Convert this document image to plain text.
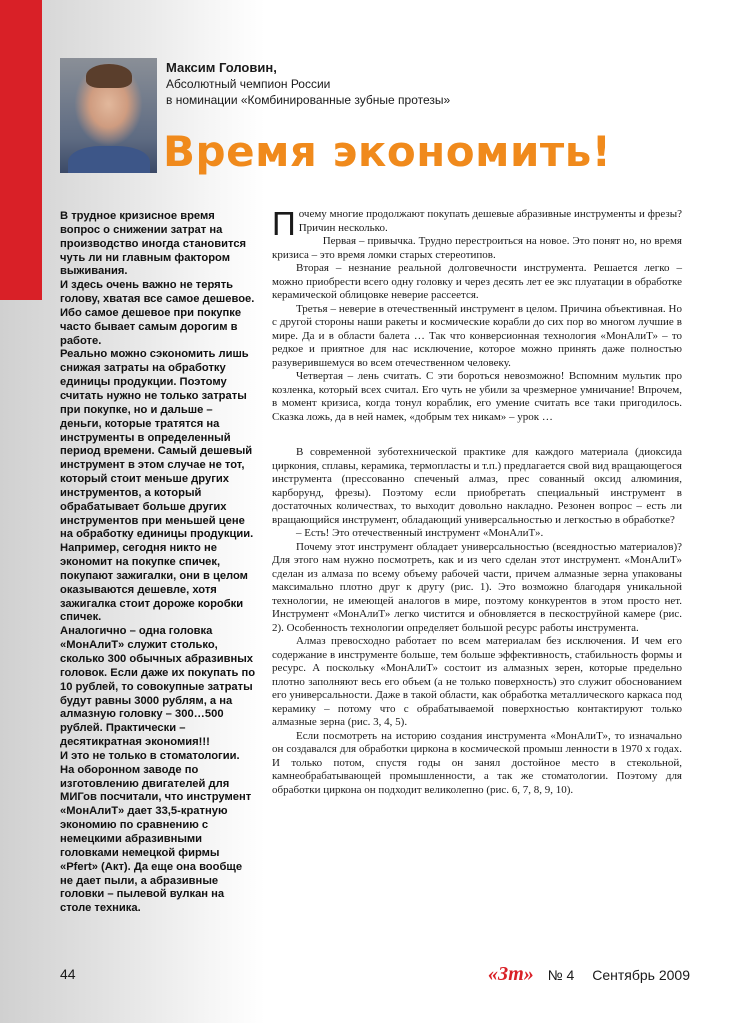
Максим Головин,
Абсолютный чемпион России
в номинации «Комбинированные зубные протезы»
Время экономить!

В трудное кризисное время вопрос о снижении затрат на производство иногда становится чуть ли ни главным фактором выживания.

И здесь очень важно не терять голову, хватая все самое дешевое. Ибо самое дешевое при покупке часто бывает самым дорогим в работе.

Реально можно сэкономить лишь снижая затраты на обработку единицы продукции. Поэтому считать нужно не только затраты при покупке, но и дальше – деньги, которые тратятся на инструменты в определенный период времени. Самый дешевый инструмент в этом случае не тот, который стоит меньше других инструментов, а который обрабатывает больше других инструментов при меньшей цене на обработку единицы продукции.

Например, сегодня никто не экономит на покупке спичек, покупают зажигалки, они в целом оказываются дешевле, хотя зажигалка стоит дороже коробки спичек.

Аналогично – одна головка «МонАлиТ» служит столько, сколько 300 обычных абразивных головок. Если даже их покупать по 10 рублей, то совокупные затраты будут равны 3000 рублям, а на алмазную головку – 300…500 рублей. Практически – десятикратная экономия!!!

И это не только в стоматологии. На оборонном заводе по изготовлению двигателей для МИГов посчитали, что инструмент «МонАлиТ» дает 33,5-кратную экономию по сравнению с немецкими абразивными головками немецкой фирмы «Pfert» (Акт). Да еще она вообще не дает пыли, а абразивные головки – пылевой вулкан на столе техника.

Почему многие продолжают покупать дешевые абразивные инструменты и фрезы? Причин несколько.

Первая – привычка. Трудно перестроиться на новое. Это понят но, но время кризиса – это время ломки старых стереотипов.

Вторая – незнание реальной долговечности инструмента. Решается легко – можно приобрести всего одну головку и через десять лет ее экс плуатации в обработке керамической облицовке неверие рассеется.

Третья – неверие в отечественный инструмент в целом. Причина объективная. Но с другой стороны наши ракеты и космические корабли до сих пор во многом лучшие в мире. Да и в области балета … Так что конверсионная технология «МонАлиТ» – то редкое и приятное для нас исключение, которое можно принять даже полностью разуверившемуся во всем отечественном человеку.

Четвертая – лень считать. С эти бороться невозможно! Вспомним мультик про козленка, который всех считал. Его чуть не убили за чрезмерное умничание! Впрочем, в момент кризиса, когда тонул кораблик, его умение считать все таки пригодилось. Сказка ложь, да в ней намек, «добрым тех никам» – урок …

В современной зуботехнической практике для каждого материала (диоксида циркония, сплавы, керамика, термопласты и т.п.) предлагается свой вид вращающегося инструмента (прессованно спеченый алмаз, прес сованный оксид алюминия, карборунд, фрезы). Поэтому если приобретать специальный инструмент в достаточных количествах, то выходит довольно накладно. Резонен вопрос – есть ли вращающийся инструмент, обладающий универсальностью и легкостью в обработке?

– Есть! Это отечественный инструмент «МонАлиТ».

Почему этот инструмент обладает универсальностью (всеядностью материалов)? Для этого нам нужно посмотреть, как и из чего сделан этот инструмент. «МонАлиТ» сделан из алмаза по всему объему рабочей части, причем алмазные зерна упакованы максимально плотно друг к другу (рис. 1). Это возможно благодаря уникальной технологии, не имеющей аналогов в мире, поэтому конкурентов в этом просто нет. Инструмент «МонАлиТ» легко чистится и обновляется в пескоструйной камере (рис. 2). Особенность технологии определяет большой ресурс работы инструмента.

Алмаз превосходно работает по всем материалам без исключения. И чем его содержание в инструменте больше, тем больше эффективность, стабильность формы и ресурс. А поскольку «МонАлиТ» состоит из алмазных зерен, которые предельно плотно заполняют весь его объем (а не только поверхность) это служит обоснованием его универсальности. Даже в такой области, как обработка металлического каркаса под керамику – потому что с обрабатываемой поверхностью контактируют только алмазные зерна (рис. 3, 4, 5).

Если посмотреть на историю создания инструмента «МонАлиТ», то изначально он создавался для обработки циркона в космической промыш ленности в 1970 х годах. И только потом, спустя годы он занял достойное место в стекольной, камнеобрабатывающей промышленности, а так же стоматологии. Поэтому для обработки циркона он подходит великолепно (рис. 6, 7, 8, 9, 10).

44	«Зт» № 4 Сентябрь 2009
